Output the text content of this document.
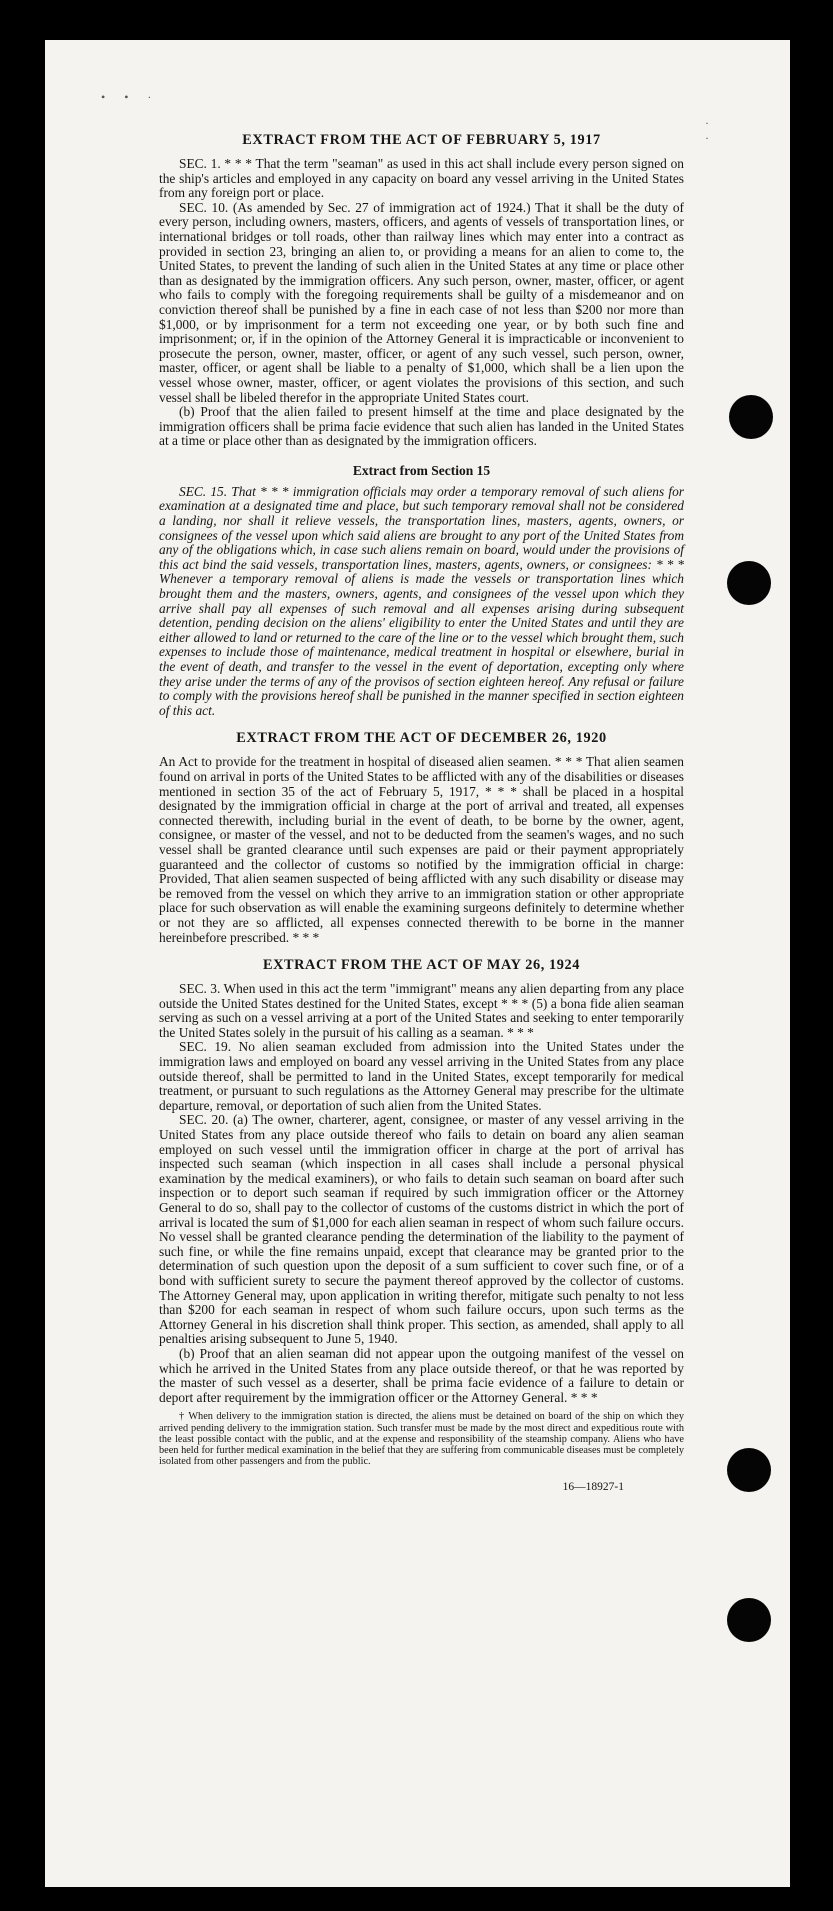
• • ·
· ·
EXTRACT FROM THE ACT OF FEBRUARY 5, 1917

SEC. 1. * * * That the term "seaman" as used in this act shall include every person signed on the ship's articles and employed in any capacity on board any vessel arriving in the United States from any foreign port or place.

SEC. 10. (As amended by Sec. 27 of immigration act of 1924.) That it shall be the duty of every person, including owners, masters, officers, and agents of vessels of transportation lines, or international bridges or toll roads, other than railway lines which may enter into a contract as provided in section 23, bringing an alien to, or providing a means for an alien to come to, the United States, to prevent the landing of such alien in the United States at any time or place other than as designated by the immigration officers. Any such person, owner, master, officer, or agent who fails to comply with the foregoing requirements shall be guilty of a misdemeanor and on conviction thereof shall be punished by a fine in each case of not less than $200 nor more than $1,000, or by imprisonment for a term not exceeding one year, or by both such fine and imprisonment; or, if in the opinion of the Attorney General it is impracticable or inconvenient to prosecute the person, owner, master, officer, or agent of any such vessel, such person, owner, master, officer, or agent shall be liable to a penalty of $1,000, which shall be a lien upon the vessel whose owner, master, officer, or agent violates the provisions of this section, and such vessel shall be libeled therefor in the appropriate United States court.

(b) Proof that the alien failed to present himself at the time and place designated by the immigration officers shall be prima facie evidence that such alien has landed in the United States at a time or place other than as designated by the immigration officers.

Extract from Section 15

SEC. 15. That * * * immigration officials may order a temporary removal of such aliens for examination at a designated time and place, but such temporary removal shall not be considered a landing, nor shall it relieve vessels, the transportation lines, masters, agents, owners, or consignees of the vessel upon which said aliens are brought to any port of the United States from any of the obligations which, in case such aliens remain on board, would under the provisions of this act bind the said vessels, transportation lines, masters, agents, owners, or consignees: * * * Whenever a temporary removal of aliens is made the vessels or transportation lines which brought them and the masters, owners, agents, and consignees of the vessel upon which they arrive shall pay all expenses of such removal and all expenses arising during subsequent detention, pending decision on the aliens' eligibility to enter the United States and until they are either allowed to land or returned to the care of the line or to the vessel which brought them, such expenses to include those of maintenance, medical treatment in hospital or elsewhere, burial in the event of death, and transfer to the vessel in the event of deportation, excepting only where they arise under the terms of any of the provisos of section eighteen hereof. Any refusal or failure to comply with the provisions hereof shall be punished in the manner specified in section eighteen of this act.

EXTRACT FROM THE ACT OF DECEMBER 26, 1920

An Act to provide for the treatment in hospital of diseased alien seamen. * * * That alien seamen found on arrival in ports of the United States to be afflicted with any of the disabilities or diseases mentioned in section 35 of the act of February 5, 1917, * * * shall be placed in a hospital designated by the immigration official in charge at the port of arrival and treated, all expenses connected therewith, including burial in the event of death, to be borne by the owner, agent, consignee, or master of the vessel, and not to be deducted from the seamen's wages, and no such vessel shall be granted clearance until such expenses are paid or their payment appropriately guaranteed and the collector of customs so notified by the immigration official in charge: Provided, That alien seamen suspected of being afflicted with any such disability or disease may be removed from the vessel on which they arrive to an immigration station or other appropriate place for such observation as will enable the examining surgeons definitely to determine whether or not they are so afflicted, all expenses connected therewith to be borne in the manner hereinbefore prescribed. * * *

EXTRACT FROM THE ACT OF MAY 26, 1924

SEC. 3. When used in this act the term "immigrant" means any alien departing from any place outside the United States destined for the United States, except * * * (5) a bona fide alien seaman serving as such on a vessel arriving at a port of the United States and seeking to enter temporarily the United States solely in the pursuit of his calling as a seaman. * * *

SEC. 19. No alien seaman excluded from admission into the United States under the immigration laws and employed on board any vessel arriving in the United States from any place outside thereof, shall be permitted to land in the United States, except temporarily for medical treatment, or pursuant to such regulations as the Attorney General may prescribe for the ultimate departure, removal, or deportation of such alien from the United States.

SEC. 20. (a) The owner, charterer, agent, consignee, or master of any vessel arriving in the United States from any place outside thereof who fails to detain on board any alien seaman employed on such vessel until the immigration officer in charge at the port of arrival has inspected such seaman (which inspection in all cases shall include a personal physical examination by the medical examiners), or who fails to detain such seaman on board after such inspection or to deport such seaman if required by such immigration officer or the Attorney General to do so, shall pay to the collector of customs of the customs district in which the port of arrival is located the sum of $1,000 for each alien seaman in respect of whom such failure occurs. No vessel shall be granted clearance pending the determination of the liability to the payment of such fine, or while the fine remains unpaid, except that clearance may be granted prior to the determination of such question upon the deposit of a sum sufficient to cover such fine, or of a bond with sufficient surety to secure the payment thereof approved by the collector of customs. The Attorney General may, upon application in writing therefor, mitigate such penalty to not less than $200 for each seaman in respect of whom such failure occurs, upon such terms as the Attorney General in his discretion shall think proper. This section, as amended, shall apply to all penalties arising subsequent to June 5, 1940.

(b) Proof that an alien seaman did not appear upon the outgoing manifest of the vessel on which he arrived in the United States from any place outside thereof, or that he was reported by the master of such vessel as a deserter, shall be prima facie evidence of a failure to detain or deport after requirement by the immigration officer or the Attorney General. * * *

† When delivery to the immigration station is directed, the aliens must be detained on board of the ship on which they arrived pending delivery to the immigration station. Such transfer must be made by the most direct and expeditious route with the least possible contact with the public, and at the expense and responsibility of the steamship company. Aliens who have been held for further medical examination in the belief that they are suffering from communicable diseases must be completely isolated from other passengers and from the public.

16—18927-1
